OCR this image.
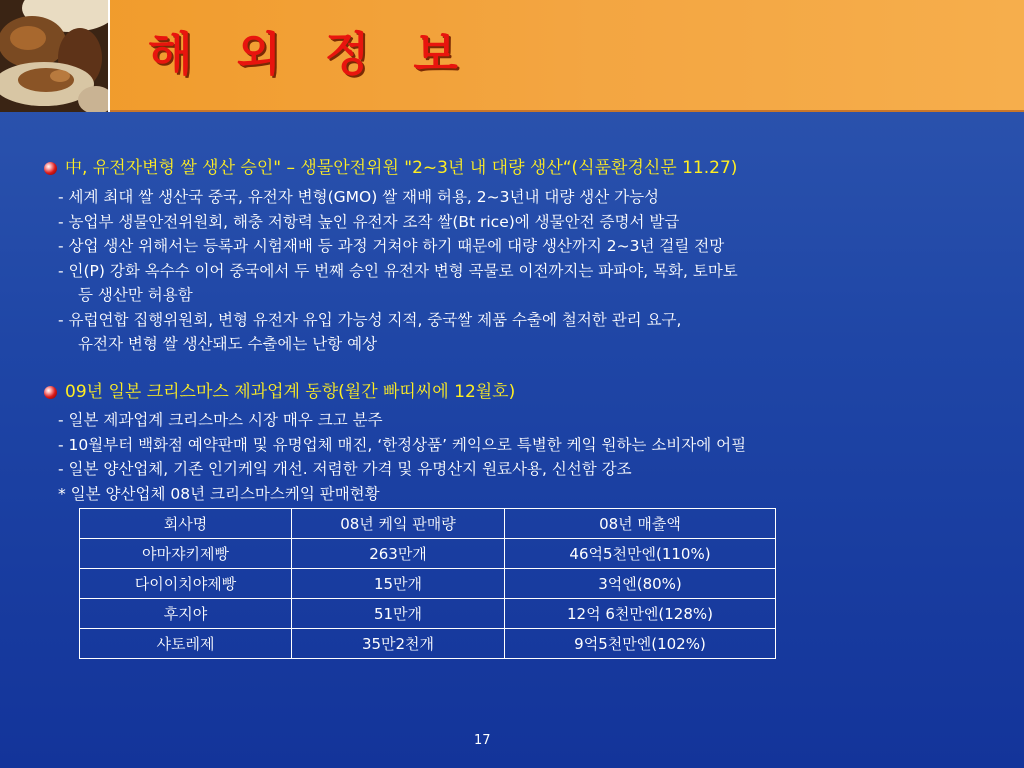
해 외 정 보
中, 유전자변형 쌀 생산 승인" – 생물안전위원 "2~3년 내 대량 생산“(식품환경신문 11.27)
- 세계 최대 쌀 생산국 중국, 유전자 변형(GMO) 쌀 재배 허용, 2~3년내 대량 생산 가능성
- 농업부 생물안전위원회, 해충 저항력 높인 유전자 조작 쌀(Bt rice)에 생물안전 증명서 발급
- 상업 생산 위해서는 등록과 시험재배 등 과정 거쳐야 하기 때문에 대량 생산까지 2~3년 걸릴 전망
- 인(P) 강화 옥수수 이어 중국에서 두 번째 승인 유전자 변형 곡물로 이전까지는 파파야, 목화, 토마토
등 생산만 허용함
- 유럽연합 집행위원회, 변형 유전자 유입 가능성 지적, 중국쌀 제품 수출에 철저한 관리 요구,
유전자 변형 쌀 생산돼도 수출에는 난항 예상
09년 일본 크리스마스 제과업계 동향(월간 빠띠씨에 12월호)
- 일본 제과업계 크리스마스 시장 매우 크고 분주
- 10월부터 백화점 예약판매 및 유명업체 매진, ‘한정상품’ 케익으로 특별한 케잌 원하는 소비자에 어필
- 일본 양산업체, 기존 인기케잌 개선. 저렴한 가격 및 유명산지 원료사용, 신선함 강조
* 일본 양산업체 08년 크리스마스케잌 판매현황
회사명	08년 케잌 판매량	08년 매출액
야마쟈키제빵	263만개	46억5천만엔(110%)
다이이치야제빵	15만개	3억엔(80%)
후지야	51만개	12억 6천만엔(128%)
샤토레제	35만2천개	9억5천만엔(102%)
17
